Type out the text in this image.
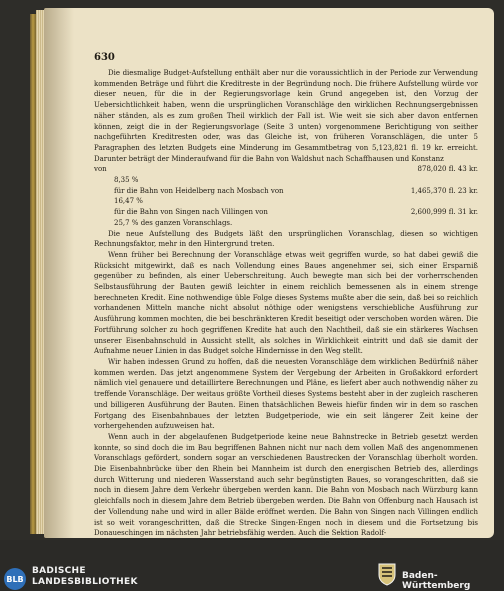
630

Die diesmalige Budget-Aufstellung enthält aber nur die voraussichtlich in der Periode zur Verwendung kommenden Beträge und führt die Kreditreste in der Begründung noch. Die frühere Aufstellung würde vor dieser neuen, für die in der Regierungsvorlage kein Grund angegeben ist, den Vorzug der Uebersichtlichkeit haben, wenn die ursprünglichen Voranschläge den wirklichen Rechnungsergebnissen näher ständen, als es zum großen Theil wirklich der Fall ist. Wie weit sie sich aber davon entfernen können, zeigt die in der Regierungsvorlage (Seite 3 unten) vorgenommene Berichtigung von seither nachgeführten Kreditresten oder, was das Gleiche ist, von früheren Voranschlägen, die unter 5 Paragraphen des letzten Budgets eine Minderung im Gesammtbetrag von 5,123,821 fl. 19 kr. erreicht. Darunter beträgt der Minderaufwand für die Bahn von Waldshut nach Schaffhausen und Konstanz

von	878,020 fl. 43 kr.

8,35 %

für die Bahn von Heidelberg nach Mosbach von	1,465,370 fl. 23 kr.

16,47 %

für die Bahn von Singen nach Villingen von	2,600,999 fl. 31 kr.

25,7 % des ganzen Voranschlags.

Die neue Aufstellung des Budgets läßt den ursprünglichen Voranschlag, diesen so wichtigen Rechnungsfaktor, mehr in den Hintergrund treten.

Wenn früher bei Berechnung der Voranschläge etwas weit gegriffen wurde, so hat dabei gewiß die Rücksicht mitgewirkt, daß es nach Vollendung eines Baues angenehmer sei, sich einer Ersparniß gegenüber zu befinden, als einer Ueberschreitung. Auch bewegte man sich bei der vorherrschenden Selbstausführung der Bauten gewiß leichter in einem reichlich bemessenen als in einem strenge berechneten Kredit. Eine nothwendige üble Folge dieses Systems mußte aber die sein, daß bei so reichlich vorhandenen Mitteln manche nicht absolut nöthige oder wenigstens verschiebliche Ausführung zur Ausführung kommen mochten, die bei beschränkteren Kredit beseitigt oder verschoben worden wären. Die Fortführung solcher zu hoch gegriffenen Kredite hat auch den Nachtheil, daß sie ein stärkeres Wachsen unserer Eisenbahnschuld in Aussicht stellt, als solches in Wirklichkeit eintritt und daß sie damit der Aufnahme neuer Linien in das Budget solche Hindernisse in den Weg stellt.

Wir haben indessen Grund zu hoffen, daß die neuesten Voranschläge dem wirklichen Bedürfniß näher kommen werden. Das jetzt angenommene System der Vergebung der Arbeiten in Großakkord erfordert nämlich viel genauere und detaillirtere Berechnungen und Pläne, es liefert aber auch nothwendig näher zu treffende Voranschläge. Der weitaus größte Vortheil dieses Systems besteht aber in der zugleich rascheren und billigeren Ausführung der Bauten. Einen thatsächlichen Beweis hiefür finden wir in dem so raschen Fortgang des Eisenbahnbaues der letzten Budgetperiode, wie ein seit längerer Zeit keine der vorhergehenden aufzuweisen hat.

Wenn auch in der abgelaufenen Budgetperiode keine neue Bahnstrecke in Betrieb gesetzt werden konnte, so sind doch die im Bau begriffenen Bahnen nicht nur nach dem vollen Maß des angenommenen Voranschlags gefördert, sondern sogar an verschiedenen Baustrecken der Voranschlag überholt worden. Die Eisenbahnbrücke über den Rhein bei Mannheim ist durch den energischen Betrieb des, allerdings durch Witterung und niederen Wasserstand auch sehr begünstigten Baues, so vorangeschritten, daß sie noch in diesem Jahre dem Verkehr übergeben werden kann. Die Bahn von Mosbach nach Würzburg kann gleichfalls noch in diesem Jahre dem Betrieb übergeben werden. Die Bahn von Offenburg nach Hausach ist der Vollendung nahe und wird in aller Bälde eröffnet werden. Die Bahn von Singen nach Villingen endlich ist so weit vorangeschritten, daß die Strecke Singen-Engen noch in diesem und die Fortsetzung bis Donaueschingen im nächsten Jahr betriebsfähig werden. Auch die Sektion Radolf-

BLB
BADISCHE
LANDESBIBLIOTHEK
Baden-Württemberg
